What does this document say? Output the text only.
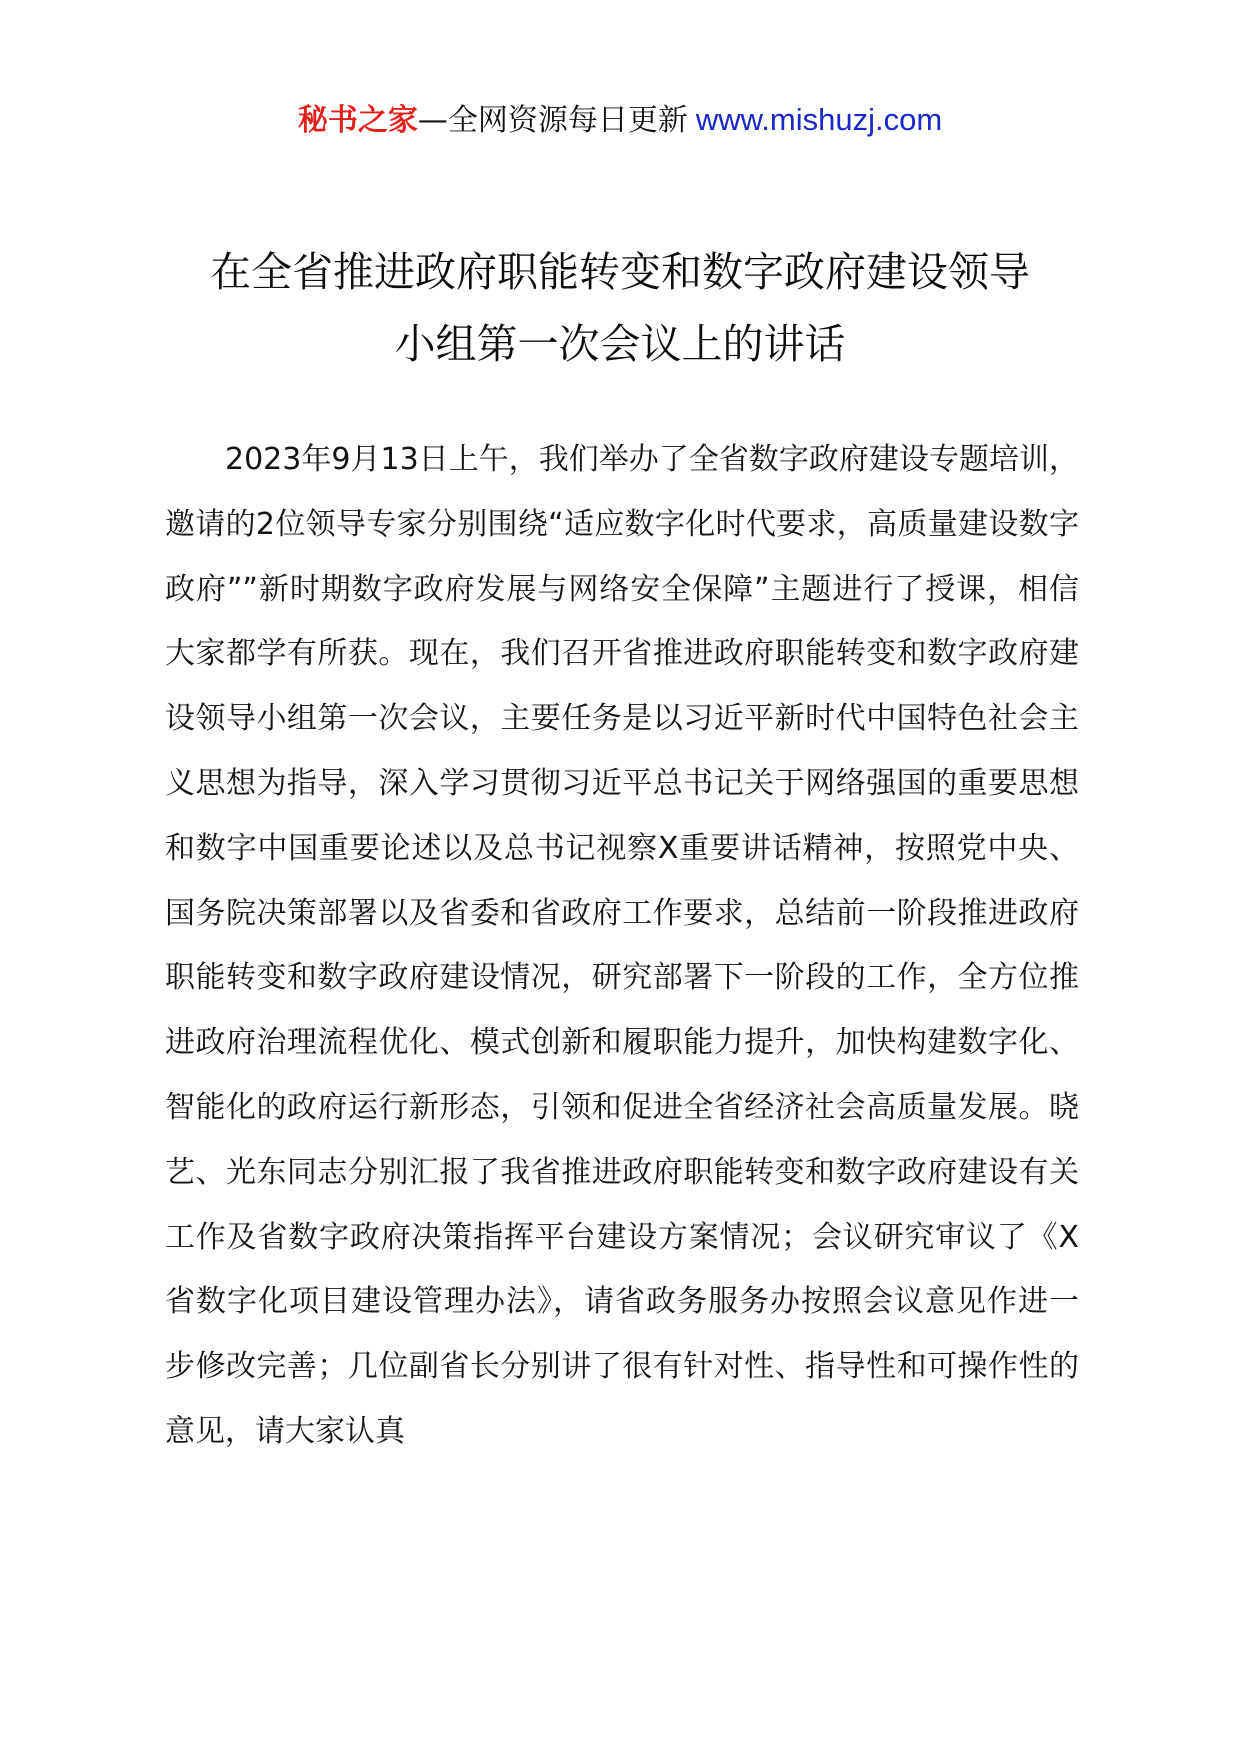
秘书之家—全网资源每日更新 www.mishuzj.com
在全省推进政府职能转变和数字政府建设领导
小组第一次会议上的讲话

2023年9月13日上午，我们举办了全省数字政府建设专题培训，邀请的2位领导专家分别围绕“适应数字化时代要求，高质量建设数字政府””新时期数字政府发展与网络安全保障”主题进行了授课，相信大家都学有所获。现在，我们召开省推进政府职能转变和数字政府建设领导小组第一次会议，主要任务是以习近平新时代中国特色社会主义思想为指导，深入学习贯彻习近平总书记关于网络强国的重要思想和数字中国重要论述以及总书记视察X重要讲话精神，按照党中央、国务院决策部署以及省委和省政府工作要求，总结前一阶段推进政府职能转变和数字政府建设情况，研究部署下一阶段的工作，全方位推进政府治理流程优化、模式创新和履职能力提升，加快构建数字化、智能化的政府运行新形态，引领和促进全省经济社会高质量发展。晓艺、光东同志分别汇报了我省推进政府职能转变和数字政府建设有关工作及省数字政府决策指挥平台建设方案情况；会议研究审议了《X省数字化项目建设管理办法》，请省政务服务办按照会议意见作进一步修改完善；几位副省长分别讲了很有针对性、指导性和可操作性的意见，请大家认真
